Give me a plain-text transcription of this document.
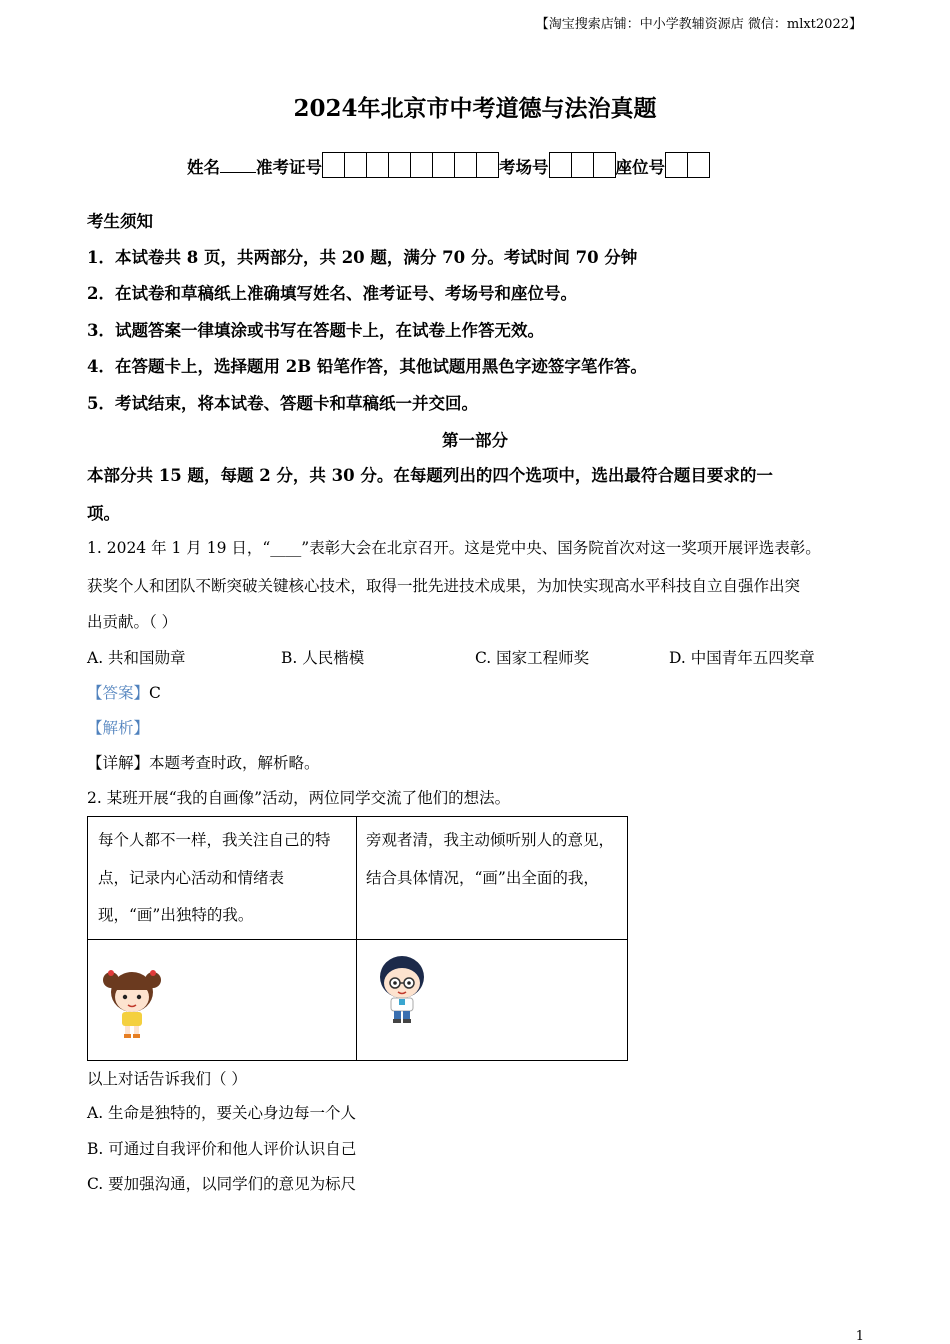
【淘宝搜索店铺：中小学教辅资源店 微信：mlxt2022】
2024年北京市中考道德与法治真题
姓名 准考证号	考场号	座位号
考生须知
1．本试卷共 8 页，共两部分，共 20 题，满分 70 分。考试时间 70 分钟
2．在试卷和草稿纸上准确填写姓名、准考证号、考场号和座位号。
3．试题答案一律填涂或书写在答题卡上，在试卷上作答无效。
4．在答题卡上，选择题用 2B 铅笔作答，其他试题用黑色字迹签字笔作答。
5．考试结束，将本试卷、答题卡和草稿纸一并交回。
第一部分
本部分共 15 题，每题 2 分，共 30 分。在每题列出的四个选项中，选出最符合题目要求的一
项。
1. 2024 年 1 月 19 日，“____”表彰大会在北京召开。这是党中央、国务院首次对这一奖项开展评选表彰。
获奖个人和团队不断突破关键核心技术，取得一批先进技术成果，为加快实现高水平科技自立自强作出突
出贡献。（ ）
A. 共和国勋章	B. 人民楷模	C. 国家工程师奖	D. 中国青年五四奖章
【答案】C
【解析】
【详解】本题考查时政，解析略。
2. 某班开展“我的自画像”活动，两位同学交流了他们的想法。
每个人都不一样，我关注自己的特点，记录内心活动和情绪表现，“画”出独特的我。
旁观者清，我主动倾听别人的意见，结合具体情况，“画”出全面的我，
以上对话告诉我们（ ）
A. 生命是独特的，要关心身边每一个人
B. 可通过自我评价和他人评价认识自己
C. 要加强沟通，以同学们的意见为标尺
1
